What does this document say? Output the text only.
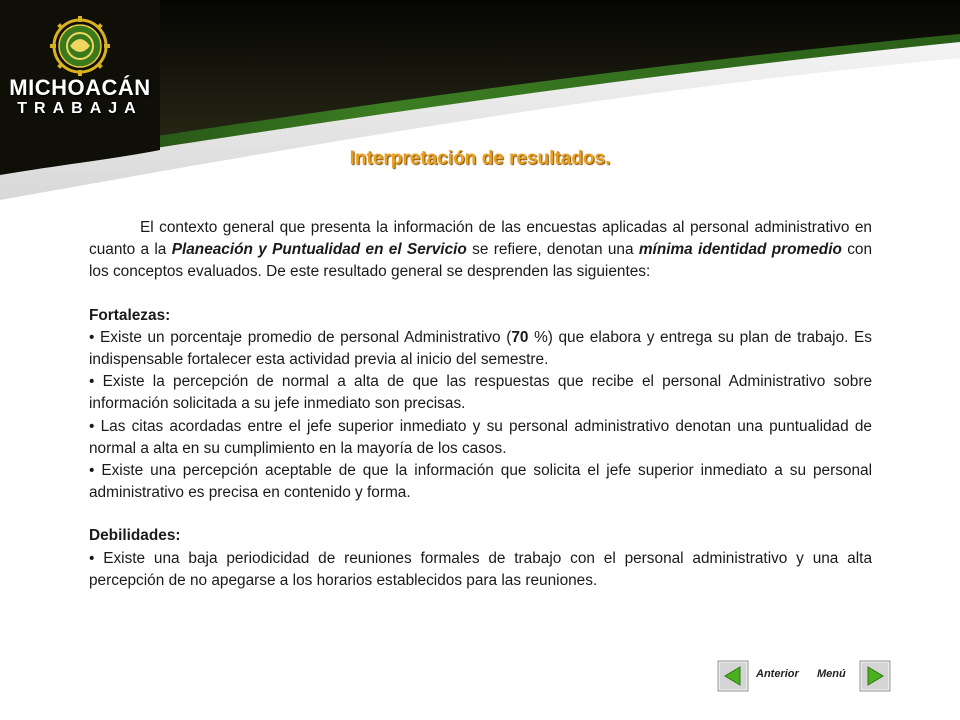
MICHOACÁN
TRABAJA
Interpretación de resultados.

El contexto general que presenta la información de las encuestas aplicadas al personal administrativo en cuanto a la Planeación y Puntualidad en el Servicio se refiere, denotan una mínima identidad promedio con los conceptos evaluados. De este resultado general se desprenden las siguientes:

Fortalezas:

• Existe un porcentaje promedio de personal Administrativo (70 %) que elabora y entrega su plan de trabajo. Es indispensable fortalecer esta actividad previa al inicio del semestre.

• Existe la percepción de normal a alta de que las respuestas que recibe el personal Administrativo sobre información solicitada a su jefe inmediato son precisas.

• Las citas acordadas entre el jefe superior inmediato y su personal administrativo denotan una puntualidad de normal a alta en su cumplimiento en la mayoría de los casos.

• Existe una percepción aceptable de que la información que solicita el jefe superior inmediato a su personal administrativo es precisa en contenido y forma.

Debilidades:

• Existe una baja periodicidad de reuniones formales de trabajo con el personal administrativo y una alta percepción de no apegarse a los horarios establecidos para las reuniones.

Anterior Menú
